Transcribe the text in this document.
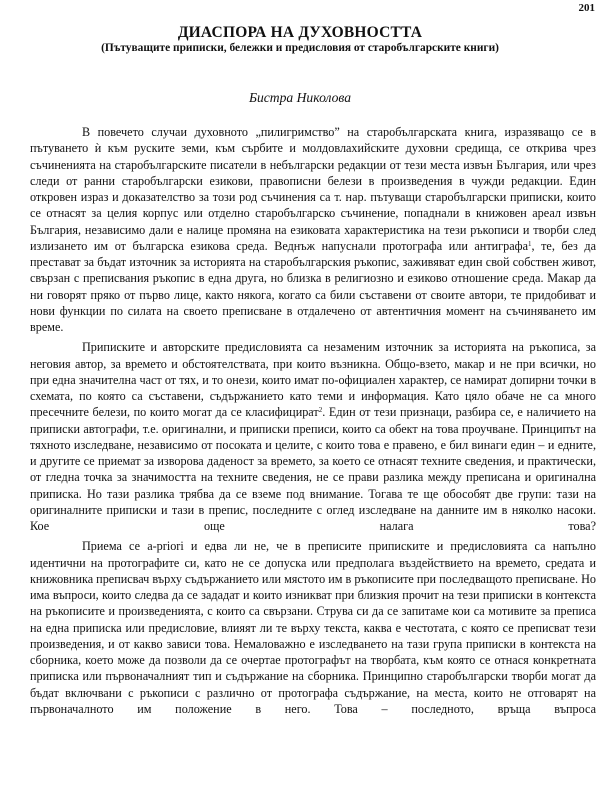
201
ДИАСПОРА НА ДУХОВНОСТТА
(Пътуващите приписки, бележки и предисловия от старобългарските книги)
Бистра Николова

В повечето случаи духовното „пилигримство” на старобългарската книга, изразяващо се в пътуването ѝ към руските земи, към сърбите и молдовлахийските духовни средища, се открива чрез съчиненията на старобългарските писатели в небългарски редакции от тези места извън България, или чрез следи от ранни старобългарски езикови, правописни белези в произведения в чужди редакции. Един откровен израз и доказателство за този род съчинения са т. нар. пътуващи старобългарски приписки, които се отнасят за целия корпус или отделно старобългарско съчинение, попаднали в книжовен ареал извън България, независимо дали е налице промяна на езиковата характеристика на тези ръкописи и творби след излизането им от българска езикова среда. Веднъж напуснали протографа или антиграфа$^1$, те, без да престават за бъдат източник за историята на старобългарския ръкопис, заживяват един свой собствен живот, свързан с преписвания ръкопис в една друга, но близка в религиозно и езиково отношение среда. Макар да ни говорят пряко от първо лице, както някога, когато са били съставени от своите автори, те придобиват и нови функции по силата на своето преписване в отдалечено от автентичния момент на съчиняването им време.

Приписките и авторските предисловията са незаменим източник за историята на ръкописа, за неговия автор, за времето и обстоятелствата, при които възникна. Общо-взето, макар и не при всички, но при една значителна част от тях, и то онези, които имат по-официален характер, се намират допирни точки в схемата, по която са съставени, съдържанието като теми и информация. Като цяло обаче не са много пресечните белези, по които могат да се класифицират$^2$. Един от тези признаци, разбира се, е наличието на приписки автографи, т.е. оригинални, и приписки преписи, които са обект на това проучване. Принципът на тяхното изследване, независимо от посоката и целите, с които това е правено, е бил винаги един – и едните, и другите се приемат за изворова даденост за времето, за което се отнасят техните сведения, и практически, от гледна точка за значимостта на техните сведения, не се прави разлика между преписана и оригинална приписка. Но тази разлика трябва да се вземе под внимание. Тогава те ще обособят две групи: тази на оригиналните приписки и тази в препис, последните с оглед изследване на данните им в няколко насоки. Кое още налага това?

Приема се a-priori и едва ли не, че в преписите приписките и предисловията са напълно идентични на протографите си, като не се допуска или предполага въздействието на времето, средата и книжовника преписвач върху съдържанието или мястото им в ръкописите при последващото преписване. Но има въпроси, които следва да се зададат и които изникват при близкия прочит на тези приписки в контекста на ръкописите и произведенията, с които са свързани. Струва си да се запитаме кои са мотивите за преписа на една приписка или предисловие, влияят ли те върху текста, каква е честотата, с която се преписват тези произведения, и от какво зависи това. Немаловажно е изследването на тази група приписки в контекста на сборника, което може да позволи да се очертае протографът на творбата, към която се отнася конкретната приписка или първоначалният тип и съдържание на сборника. Принципно старобългарски творби могат да бъдат включвани с ръкописи с различно от протографа съдържание, на места, които не отговарят на първоначалното им положение в него. Това – последното, връща въпроса
